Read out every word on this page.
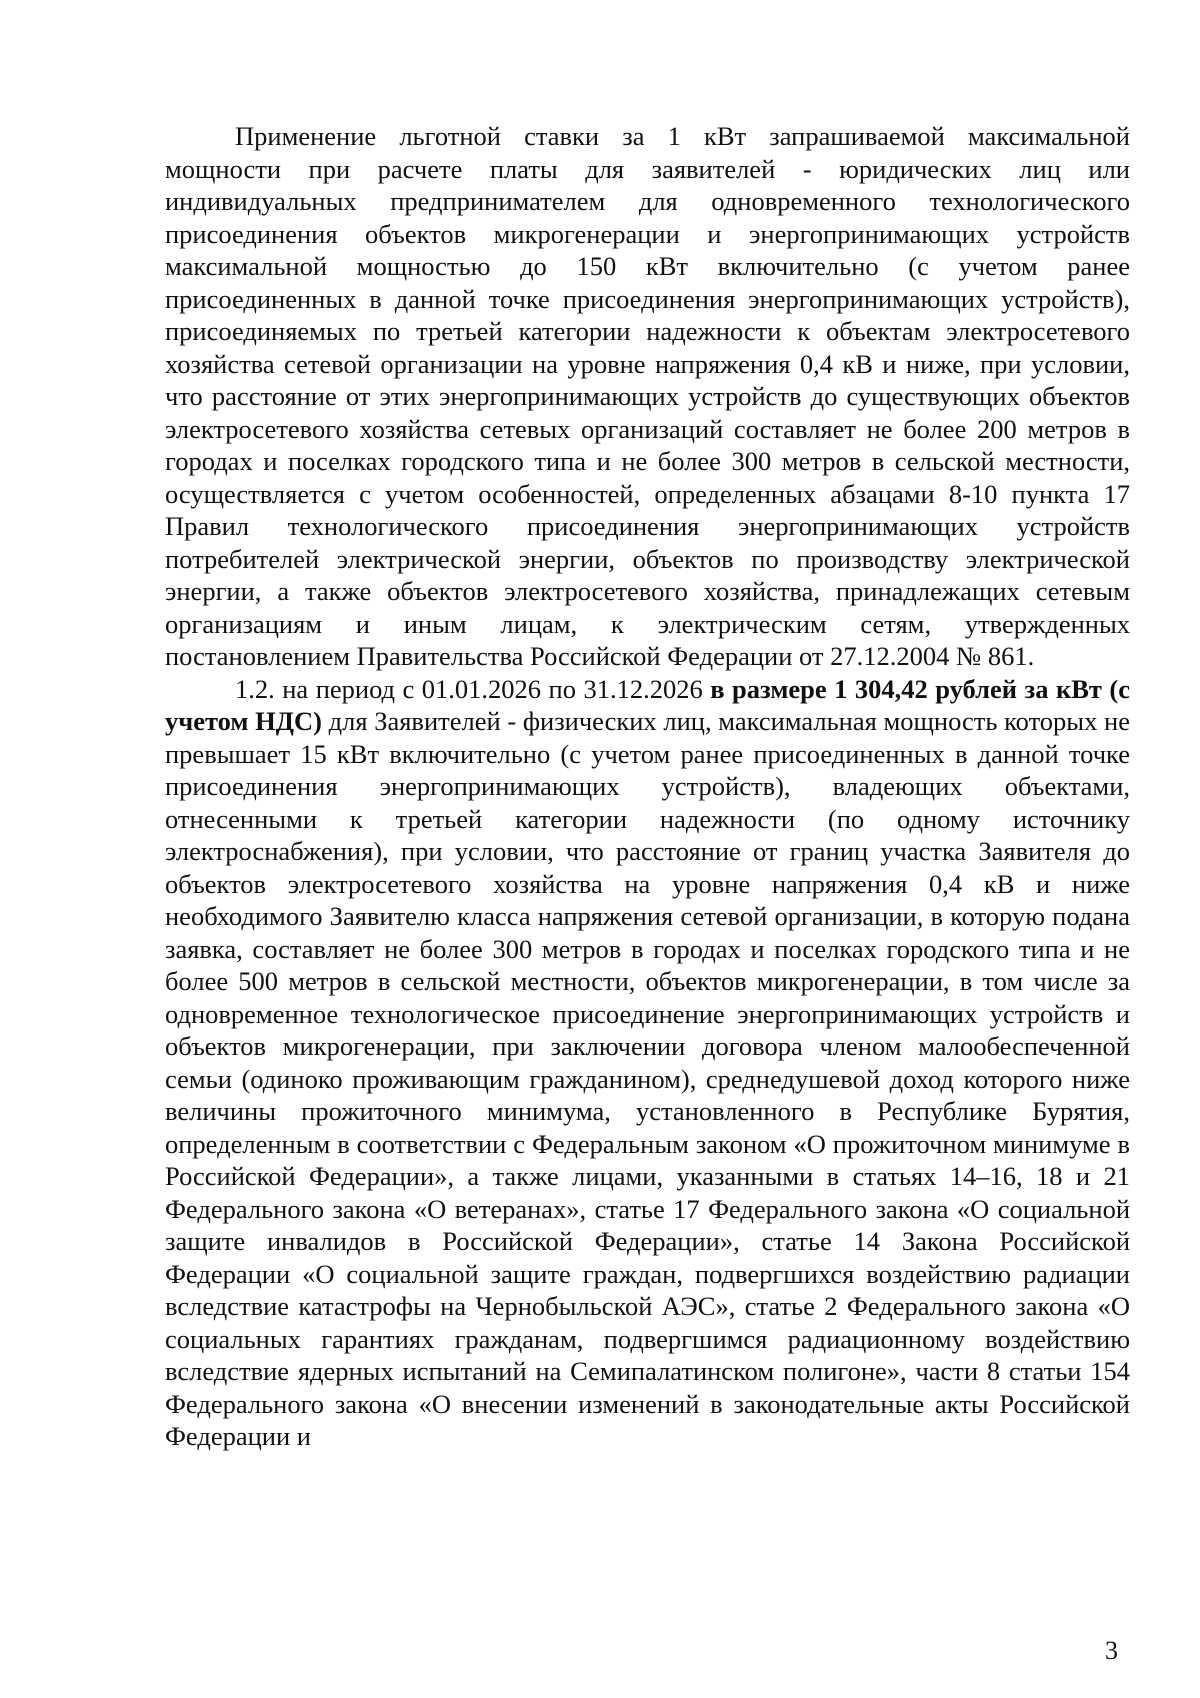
Применение льготной ставки за 1 кВт запрашиваемой максимальной мощности при расчете платы для заявителей - юридических лиц или индивидуальных предпринимателем для одновременного технологического присоединения объектов микрогенерации и энергопринимающих устройств максимальной мощностью до 150 кВт включительно (с учетом ранее присоединенных в данной точке присоединения энергопринимающих устройств), присоединяемых по третьей категории надежности к объектам электросетевого хозяйства сетевой организации на уровне напряжения 0,4 кВ и ниже, при условии, что расстояние от этих энергопринимающих устройств до существующих объектов электросетевого хозяйства сетевых организаций составляет не более 200 метров в городах и поселках городского типа и не более 300 метров в сельской местности, осуществляется с учетом особенностей, определенных абзацами 8-10 пункта 17 Правил технологического присоединения энергопринимающих устройств потребителей электрической энергии, объектов по производству электрической энергии, а также объектов электросетевого хозяйства, принадлежащих сетевым организациям и иным лицам, к электрическим сетям, утвержденных постановлением Правительства Российской Федерации от 27.12.2004 № 861.

1.2. на период с 01.01.2026 по 31.12.2026 в размере 1 304,42 рублей за кВт (с учетом НДС) для Заявителей - физических лиц, максимальная мощность которых не превышает 15 кВт включительно (с учетом ранее присоединенных в данной точке присоединения энергопринимающих устройств), владеющих объектами, отнесенными к третьей категории надежности (по одному источнику электроснабжения), при условии, что расстояние от границ участка Заявителя до объектов электросетевого хозяйства на уровне напряжения 0,4 кВ и ниже необходимого Заявителю класса напряжения сетевой организации, в которую подана заявка, составляет не более 300 метров в городах и поселках городского типа и не более 500 метров в сельской местности, объектов микрогенерации, в том числе за одновременное технологическое присоединение энергопринимающих устройств и объектов микрогенерации, при заключении договора членом малообеспеченной семьи (одиноко проживающим гражданином), среднедушевой доход которого ниже величины прожиточного минимума, установленного в Республике Бурятия, определенным в соответствии с Федеральным законом «О прожиточном минимуме в Российской Федерации», а также лицами, указанными в статьях 14–16, 18 и 21 Федерального закона «О ветеранах», статье 17 Федерального закона «О социальной защите инвалидов в Российской Федерации», статье 14 Закона Российской Федерации «О социальной защите граждан, подвергшихся воздействию радиации вследствие катастрофы на Чернобыльской АЭС», статье 2 Федерального закона «О социальных гарантиях гражданам, подвергшимся радиационному воздействию вследствие ядерных испытаний на Семипалатинском полигоне», части 8 статьи 154 Федерального закона «О внесении изменений в законодательные акты Российской Федерации и

3
